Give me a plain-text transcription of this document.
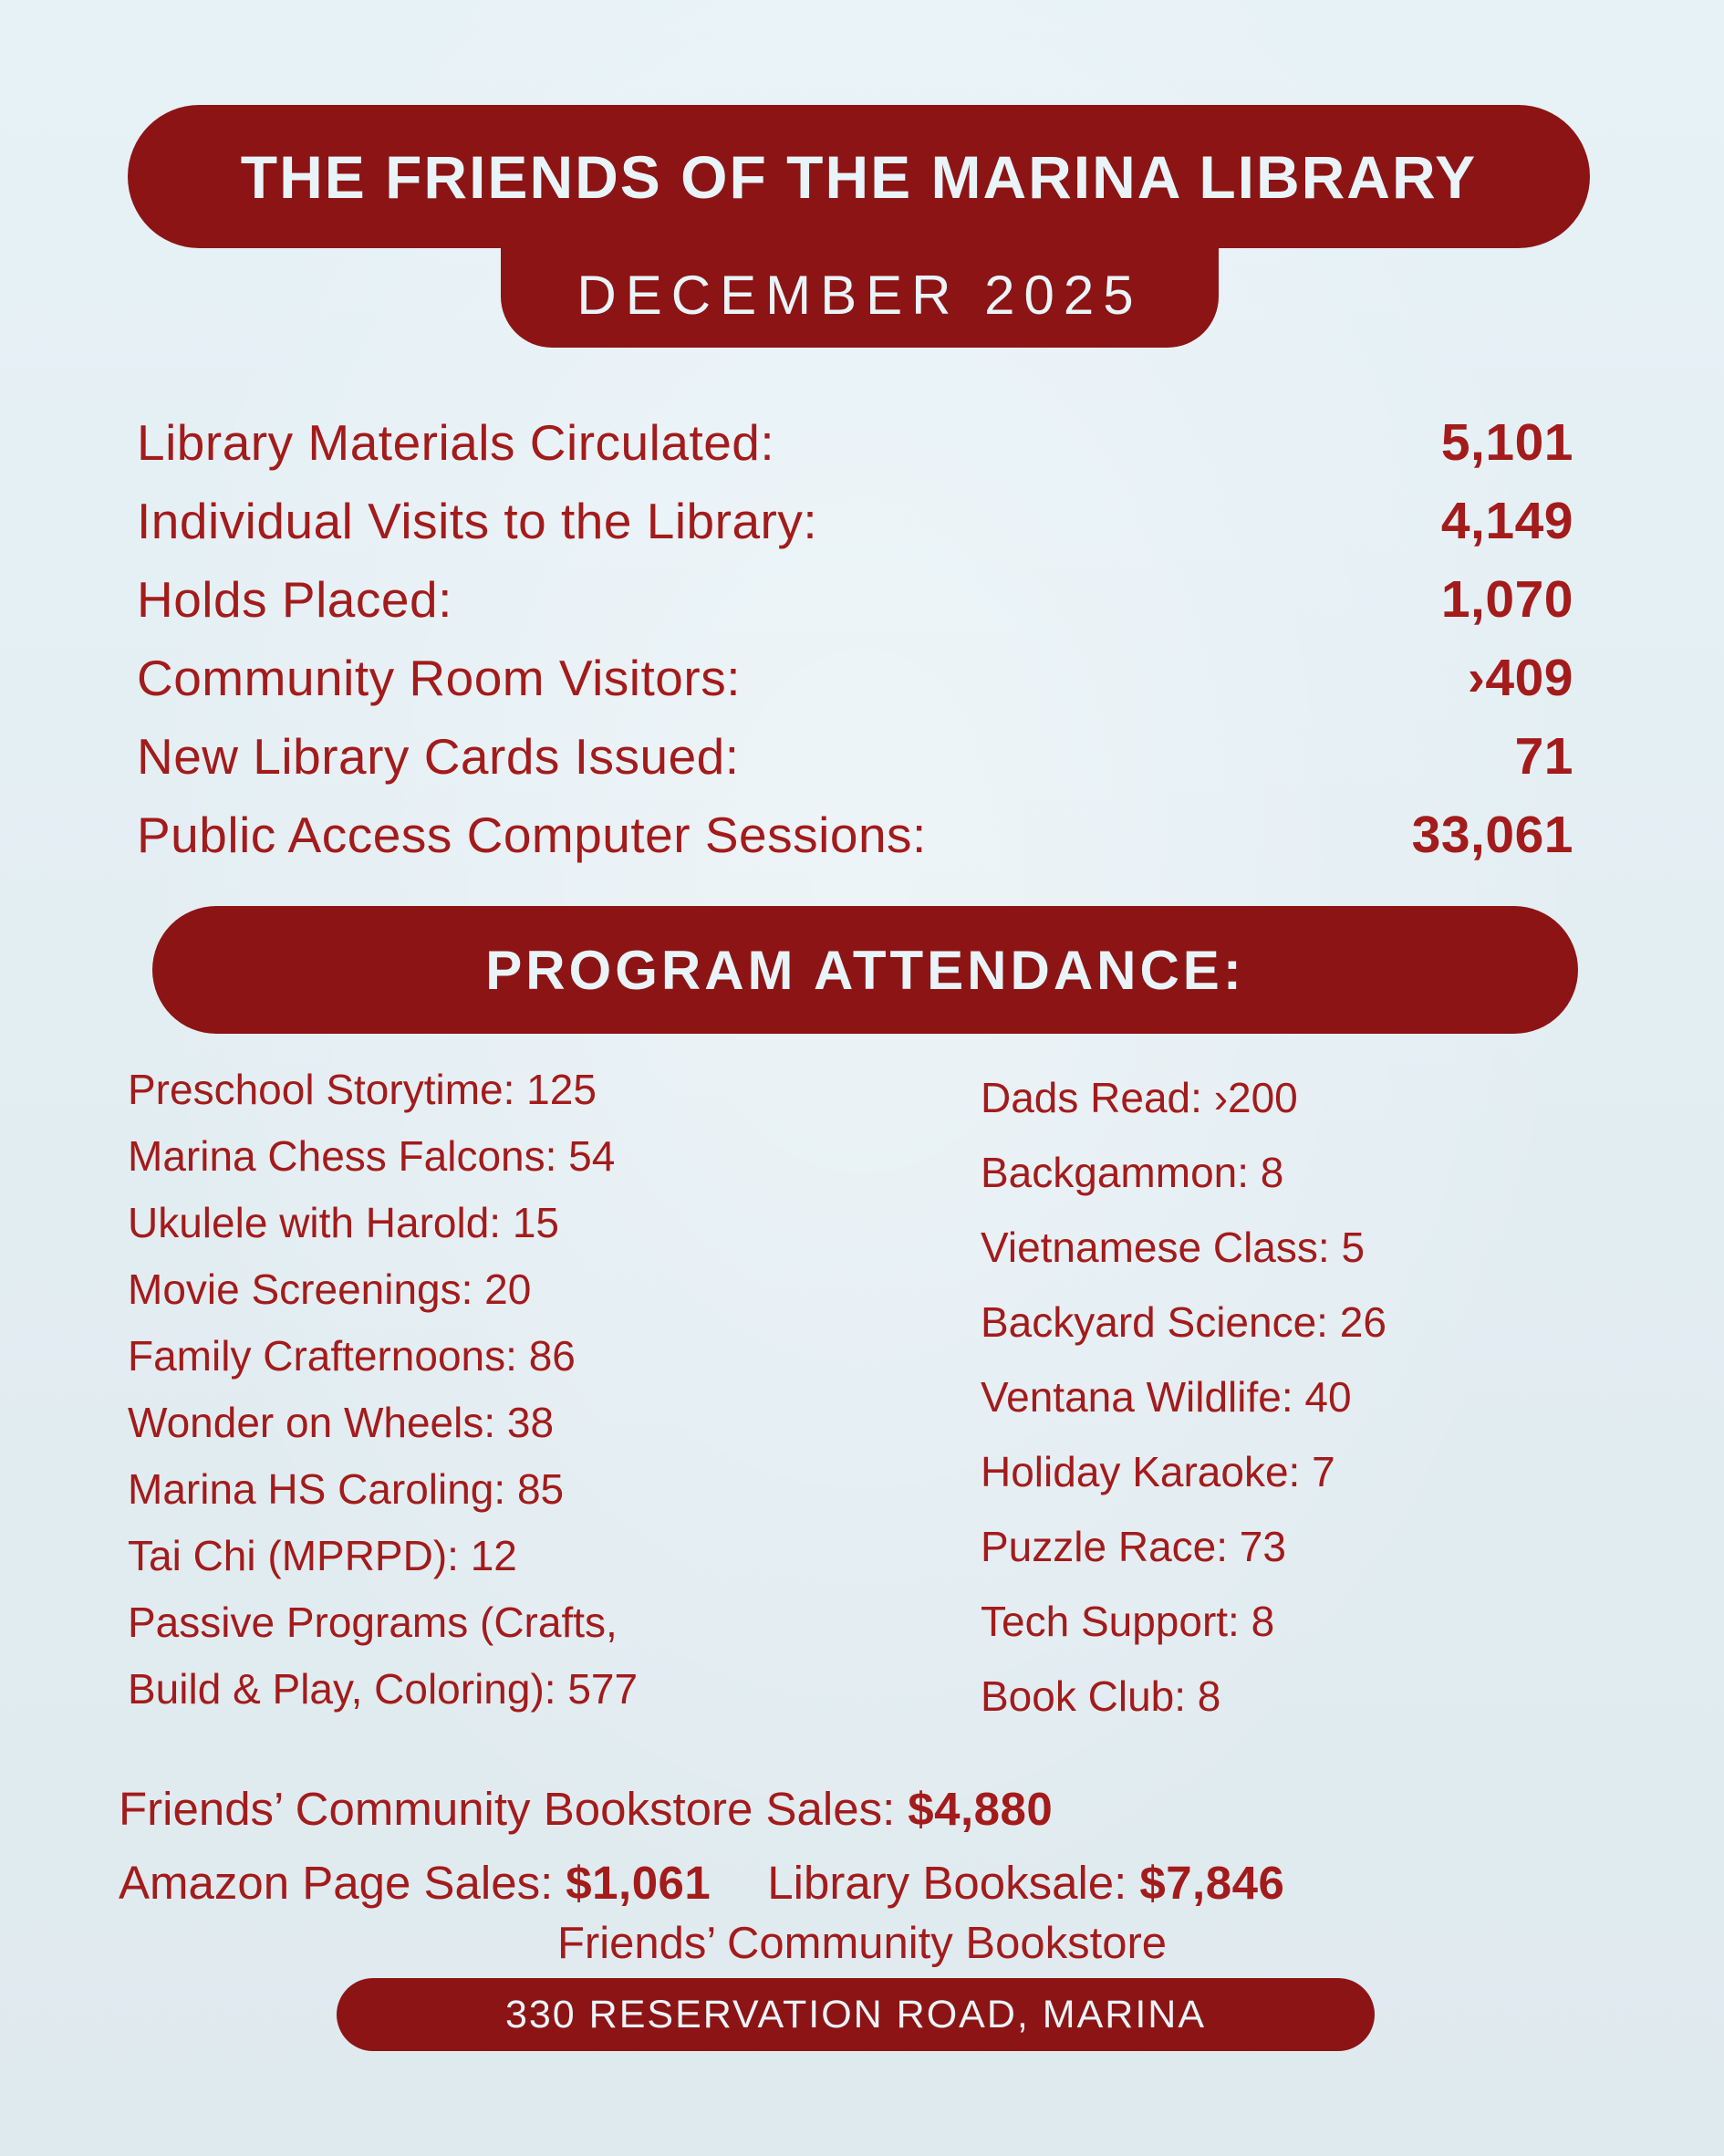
THE FRIENDS OF THE MARINA LIBRARY
DECEMBER 2025
Library Materials Circulated:	5,101
Individual Visits to the Library:	4,149
Holds Placed:	1,070
Community Room Visitors:	›409
New Library Cards Issued:	71
Public Access Computer Sessions:	33,061
PROGRAM ATTENDANCE:
Preschool Storytime: 125
Marina Chess Falcons: 54
Ukulele with Harold: 15
Movie Screenings: 20
Family Crafternoons: 86
Wonder on Wheels: 38
Marina HS Caroling: 85
Tai Chi (MPRPD): 12
Passive Programs (Crafts, Build & Play, Coloring): 577
Dads Read: ›200
Backgammon: 8
Vietnamese Class: 5
Backyard Science: 26
Ventana Wildlife: 40
Holiday Karaoke: 7
Puzzle Race: 73
Tech Support: 8
Book Club: 8
Friends’ Community Bookstore Sales: $4,880
Amazon Page Sales: $1,061 Library Booksale: $7,846
Friends’ Community Bookstore
330 RESERVATION ROAD, MARINA
